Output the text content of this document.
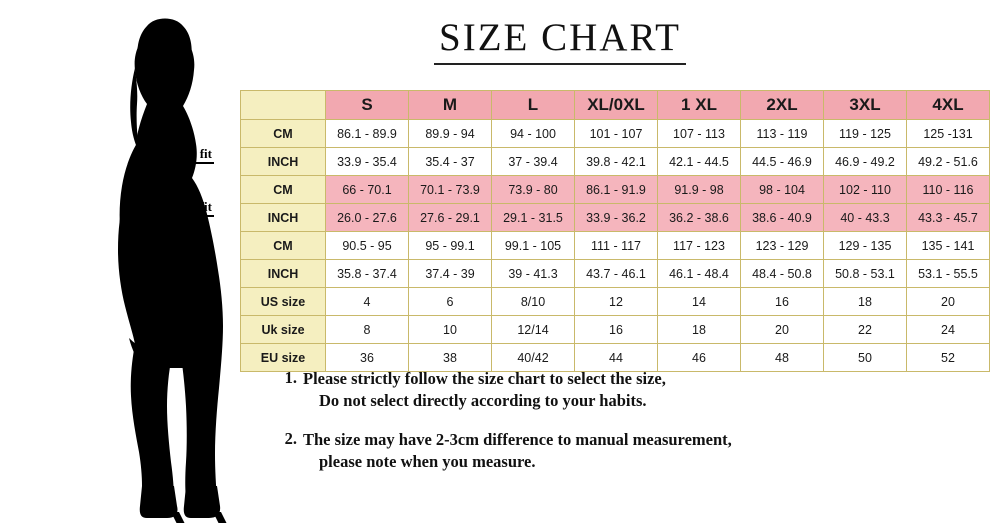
Bust fit
Waist fit
Hip fit
SIZE CHART
	S	M	L	XL/0XL	1 XL	2XL	3XL	4XL
CM	86.1 - 89.9	89.9 - 94	94 - 100	101 - 107	107 - 113	113 - 119	119 - 125	125 -131
INCH	33.9 - 35.4	35.4 - 37	37 - 39.4	39.8 - 42.1	42.1 - 44.5	44.5 - 46.9	46.9 - 49.2	49.2 - 51.6
CM	66 - 70.1	70.1 - 73.9	73.9 - 80	86.1 - 91.9	91.9 - 98	98 - 104	102 - 110	110 - 116
INCH	26.0 - 27.6	27.6 - 29.1	29.1 - 31.5	33.9 - 36.2	36.2 - 38.6	38.6 - 40.9	40 - 43.3	43.3 - 45.7
CM	90.5 - 95	95 - 99.1	99.1 - 105	111 - 117	117 - 123	123 - 129	129 - 135	135 - 141
INCH	35.8 - 37.4	37.4 - 39	39 - 41.3	43.7 - 46.1	46.1 - 48.4	48.4 - 50.8	50.8 - 53.1	53.1 - 55.5
US size	4	6	8/10	12	14	16	18	20
Uk size	8	10	12/14	16	18	20	22	24
EU size	36	38	40/42	44	46	48	50	52
1. Please strictly follow the size chart to select the size,
Do not select directly according to your habits.
2. The size may have 2-3cm difference to manual measurement,
please note when you measure.
